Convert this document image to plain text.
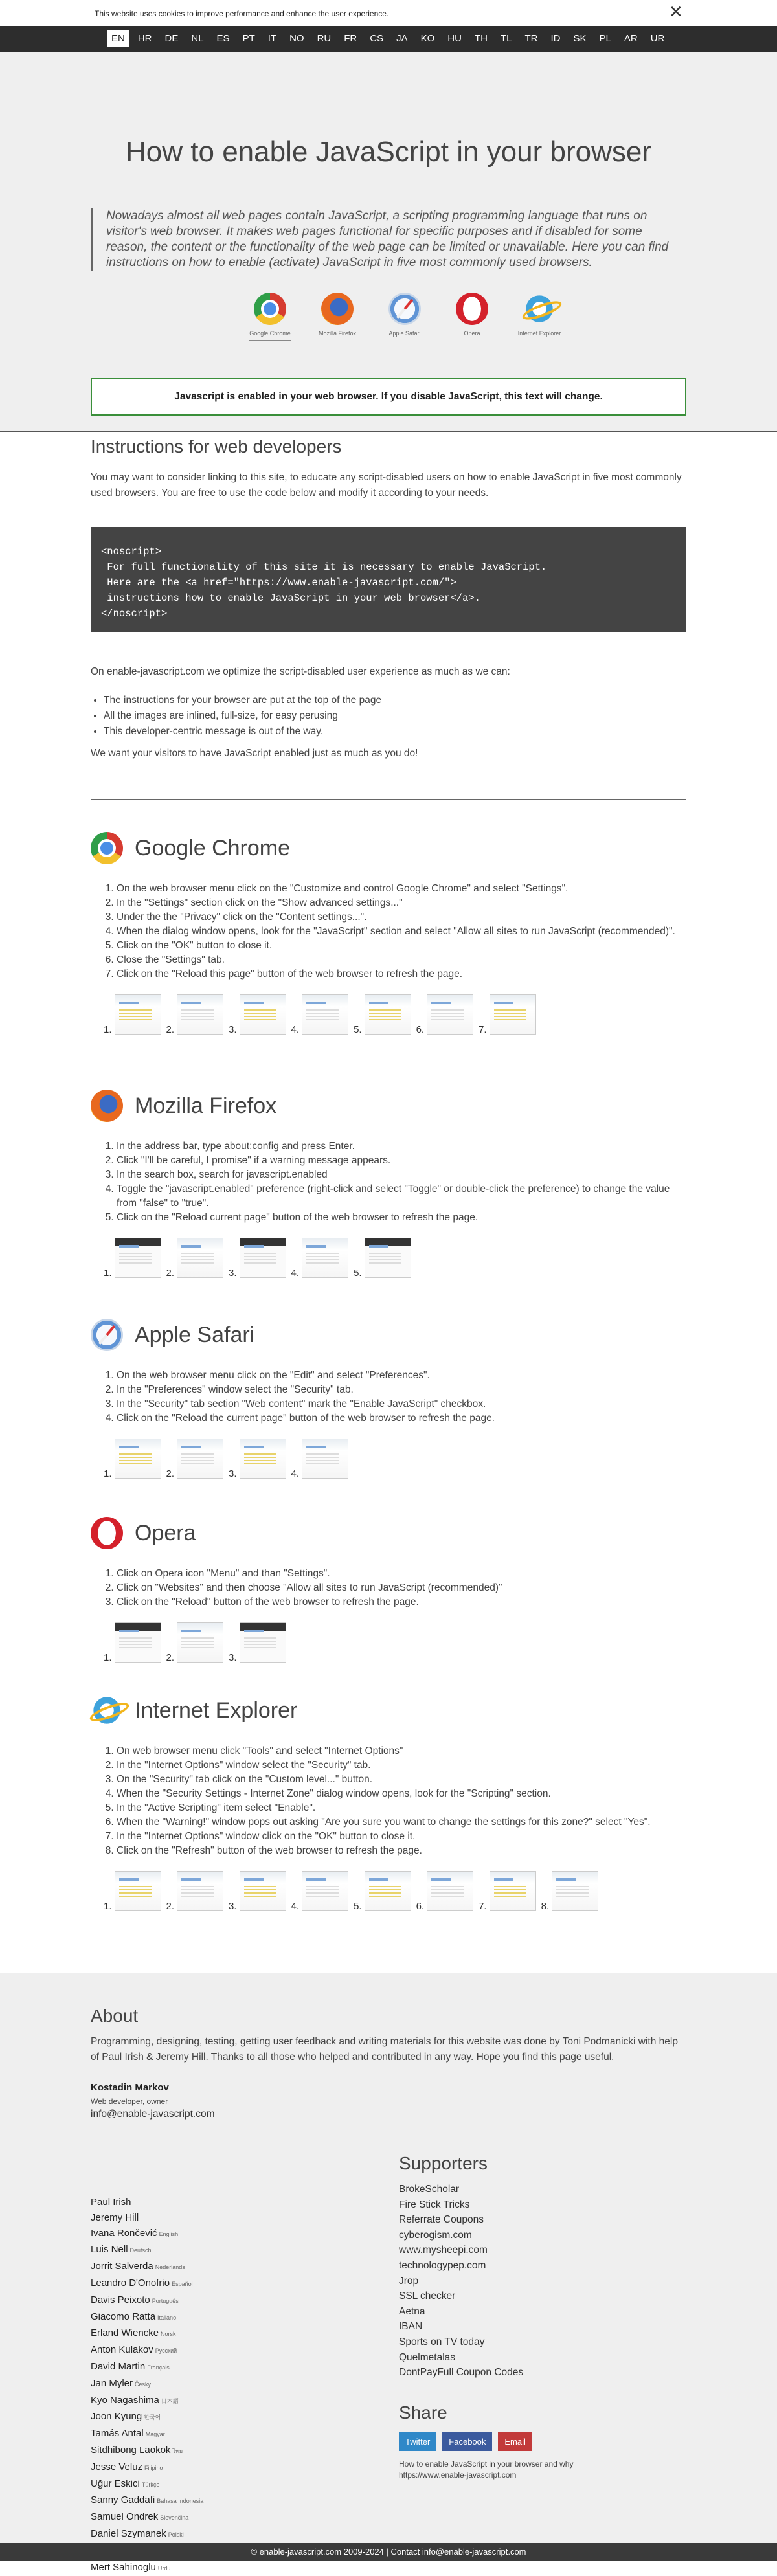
This website uses cookies to improve performance and enhance the user experience.	✕
EN	HR	DE	NL	ES	PT	IT	NO	RU	FR	CS	JA	KO	HU	TH	TL	TR	ID	SK	PL	AR	UR
How to enable JavaScript in your browser
Nowadays almost all web pages contain JavaScript, a scripting programming language that runs on visitor's web browser. It makes web pages functional for specific purposes and if disabled for some reason, the content or the functionality of the web page can be limited or unavailable. Here you can find instructions on how to enable (activate) JavaScript in five most commonly used browsers.
Google Chrome	Mozilla Firefox	Apple Safari	Opera	Internet Explorer
Javascript is enabled in your web browser. If you disable JavaScript, this text will change.
Instructions for web developers

You may want to consider linking to this site, to educate any script-disabled users on how to enable JavaScript in five most commonly used browsers. You are free to use the code below and modify it according to your needs.

<noscript>
For full functionality of this site it is necessary to enable JavaScript.
Here are the <a href="https://www.enable-javascript.com/">
instructions how to enable JavaScript in your web browser</a>.
</noscript>

On enable-javascript.com we optimize the script-disabled user experience as much as we can:

• The instructions for your browser are put at the top of the page
• All the images are inlined, full-size, for easy perusing
• This developer-centric message is out of the way.

We want your visitors to have JavaScript enabled just as much as you do!

Google Chrome
1. On the web browser menu click on the "Customize and control Google Chrome" and select "Settings".
2. In the "Settings" section click on the "Show advanced settings..."
3. Under the the "Privacy" click on the "Content settings...".
4. When the dialog window opens, look for the "JavaScript" section and select "Allow all sites to run JavaScript (recommended)".
5. Click on the "OK" button to close it.
6. Close the "Settings" tab.
7. Click on the "Reload this page" button of the web browser to refresh the page.
1.	2.	3.	4.	5.	6.	7.
Mozilla Firefox
1. In the address bar, type about:config and press Enter.
2. Click "I'll be careful, I promise" if a warning message appears.
3. In the search box, search for javascript.enabled
4. Toggle the "javascript.enabled" preference (right-click and select "Toggle" or double-click the preference) to change the value from "false" to "true".
5. Click on the "Reload current page" button of the web browser to refresh the page.
1.	2.	3.	4.	5.
Apple Safari
1. On the web browser menu click on the "Edit" and select "Preferences".
2. In the "Preferences" window select the "Security" tab.
3. In the "Security" tab section "Web content" mark the "Enable JavaScript" checkbox.
4. Click on the "Reload the current page" button of the web browser to refresh the page.
1.	2.	3.	4.
Opera
1. Click on Opera icon "Menu" and than "Settings".
2. Click on "Websites" and then choose "Allow all sites to run JavaScript (recommended)"
3. Click on the "Reload" button of the web browser to refresh the page.
1.	2.	3.
Internet Explorer
1. On web browser menu click "Tools" and select "Internet Options"
2. In the "Internet Options" window select the "Security" tab.
3. On the "Security" tab click on the "Custom level..." button.
4. When the "Security Settings - Internet Zone" dialog window opens, look for the "Scripting" section.
5. In the "Active Scripting" item select "Enable".
6. When the "Warning!" window pops out asking "Are you sure you want to change the settings for this zone?" select "Yes".
7. In the "Internet Options" window click on the "OK" button to close it.
8. Click on the "Refresh" button of the web browser to refresh the page.
1.	2.	3.	4.	5.	6.	7.	8.
About

Programming, designing, testing, getting user feedback and writing materials for this website was done by Toni Podmanicki with help of Paul Irish & Jeremy Hill. Thanks to all those who helped and contributed in any way. Hope you find this page useful.

Kostadin Markov
Web developer, owner
info@enable-javascript.com
Paul Irish
Jeremy Hill
Ivana Rončević English
Luis Nell Deutsch
Jorrit Salverda Nederlands
Leandro D'Onofrio Español
Davis Peixoto Português
Giacomo Ratta Italiano
Erland Wiencke Norsk
Anton Kulakov Русский
David Martin Français
Jan Myler Česky
Kyo Nagashima 日本語
Joon Kyung 한국어
Tamás Antal Magyar
Sitdhibong Laokok ไทย
Jesse Veluz Filipino
Uğur Eskici Türkçe
Sanny Gaddafi Bahasa Indonesia
Samuel Ondrek Slovenčina
Daniel Szymanek Polski
Mert Sahinoglu Urdu
Supporters
BrokeScholar
Fire Stick Tricks
Referrate Coupons
cyberogism.com
www.mysheepi.com
technologypep.com
Jrop
SSL checker
Aetna
IBAN
Sports on TV today
Quelmetalas
DontPayFull Coupon Codes
Share
Twitter	Facebook	Email
How to enable JavaScript in your browser and why https://www.enable-javascript.com
© enable-javascript.com 2009-2024 | Contact info@enable-javascript.com
